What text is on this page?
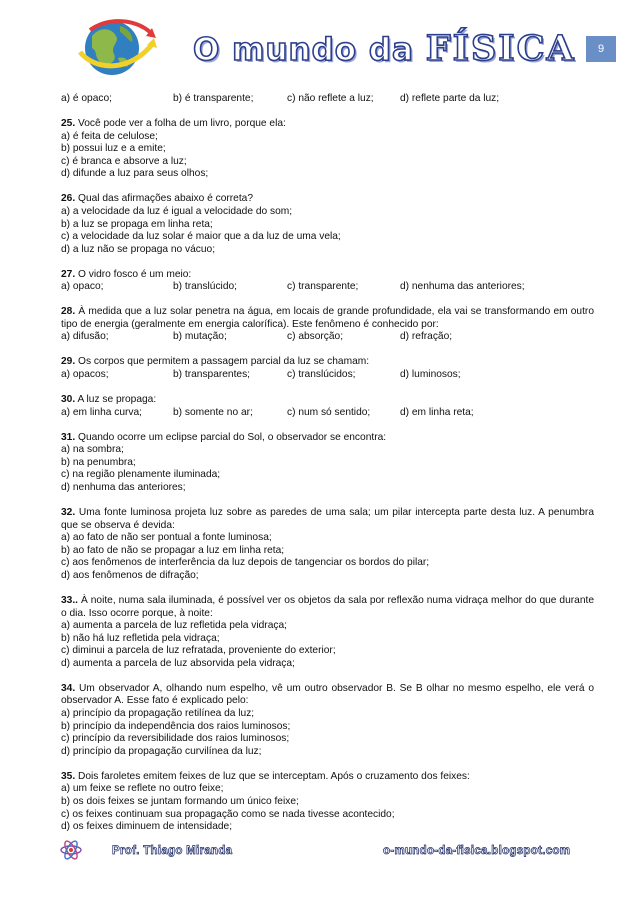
O mundo da FÍSICA	9
a) é opaco;	b) é transparente;	c) não reflete a luz;	d) reflete parte da luz;
25. Você pode ver a folha de um livro, porque ela:
a) é feita de celulose;
b) possui luz e a emite;
c) é branca e absorve a luz;
d) difunde a luz para seus olhos;
26. Qual das afirmações abaixo é correta?
a) a velocidade da luz é igual a velocidade do som;
b) a luz se propaga em linha reta;
c) a velocidade da luz solar é maior que a da luz de uma vela;
d) a luz não se propaga no vácuo;
27. O vidro fosco é um meio:
a) opaco;	b) translúcido;	c) transparente;	d) nenhuma das anteriores;
28. À medida que a luz solar penetra na água, em locais de grande profundidade, ela vai se transformando em outro tipo de energia (geralmente em energia calorífica). Este fenômeno é conhecido por:
a) difusão;	b) mutação;	c) absorção;	d) refração;
29. Os corpos que permitem a passagem parcial da luz se chamam:
a) opacos;	b) transparentes;	c) translúcidos;	d) luminosos;
30. A luz se propaga:
a) em linha curva;	b) somente no ar;	c) num só sentido;	d) em linha reta;
31. Quando ocorre um eclipse parcial do Sol, o observador se encontra:
a) na sombra;
b) na penumbra;
c) na região plenamente iluminada;
d) nenhuma das anteriores;
32. Uma fonte luminosa projeta luz sobre as paredes de uma sala; um pilar intercepta parte desta luz. A penumbra que se observa é devida:
a) ao fato de não ser pontual a fonte luminosa;
b) ao fato de não se propagar a luz em linha reta;
c) aos fenômenos de interferência da luz depois de tangenciar os bordos do pilar;
d) aos fenômenos de difração;
33.. À noite, numa sala iluminada, é possível ver os objetos da sala por reflexão numa vidraça melhor do que durante o dia. Isso ocorre porque, à noite:
a) aumenta a parcela de luz refletida pela vidraça;
b) não há luz refletida pela vidraça;
c) diminui a parcela de luz refratada, proveniente do exterior;
d) aumenta a parcela de luz absorvida pela vidraça;
34. Um observador A, olhando num espelho, vê um outro observador B. Se B olhar no mesmo espelho, ele verá o observador A. Esse fato é explicado pelo:
a) princípio da propagação retilínea da luz;
b) princípio da independência dos raios luminosos;
c) princípio da reversibilidade dos raios luminosos;
d) princípio da propagação curvilínea da luz;
35. Dois faroletes emitem feixes de luz que se interceptam. Após o cruzamento dos feixes:
a) um feixe se reflete no outro feixe;
b) os dois feixes se juntam formando um único feixe;
c) os feixes continuam sua propagação como se nada tivesse acontecido;
d) os feixes diminuem de intensidade;
Prof. Thiago Miranda	o-mundo-da-fisica.blogspot.com
